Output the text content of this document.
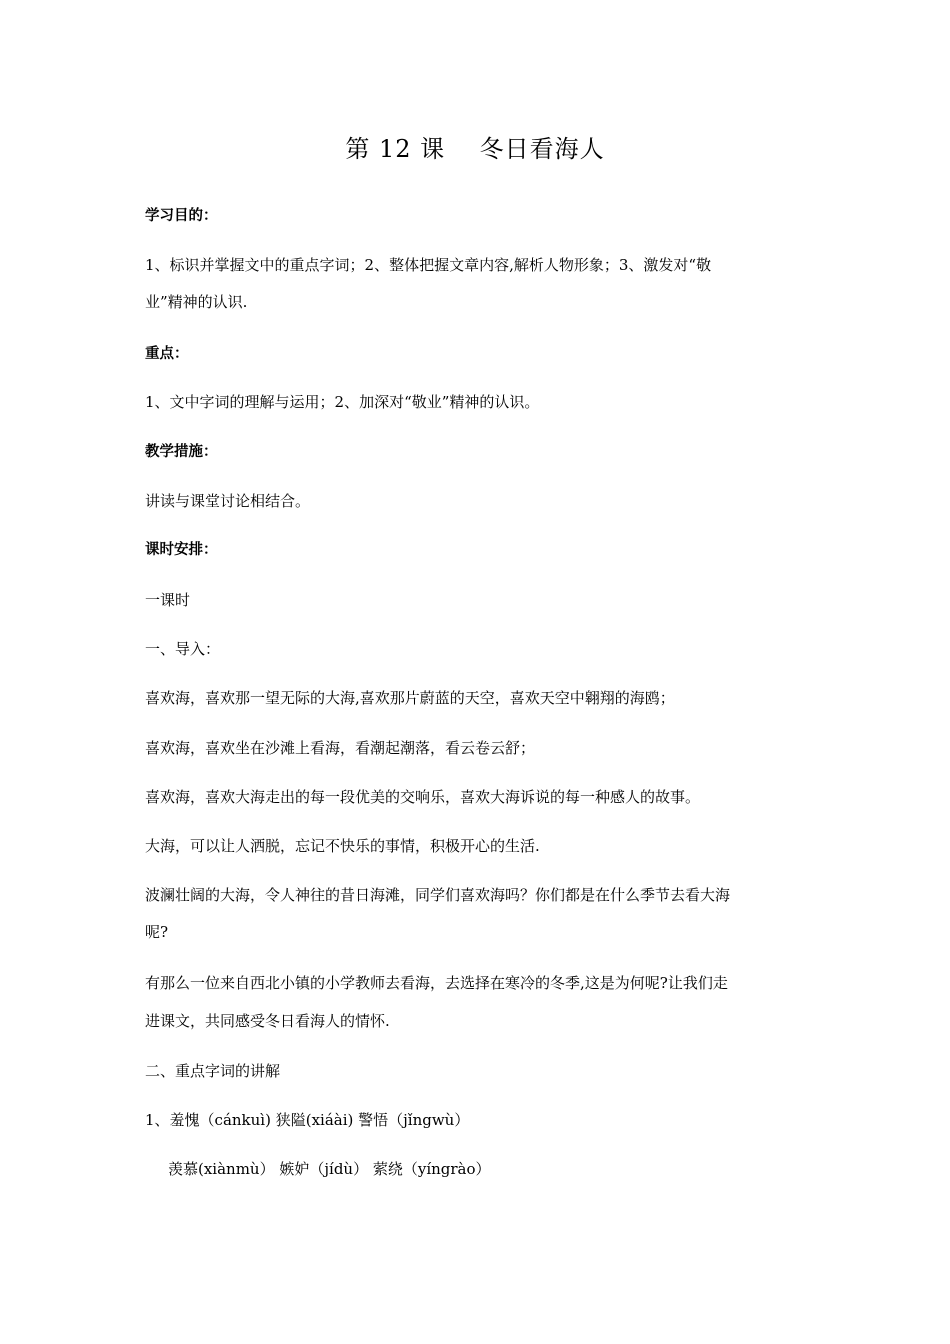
第 12 课    冬日看海人
学习目的：
1、标识并掌握文中的重点字词；2、整体把握文章内容,解析人物形象；3、激发对“敬
业”精神的认识.
重点：
1、文中字词的理解与运用；2、加深对“敬业”精神的认识。
教学措施：
讲读与课堂讨论相结合。
课时安排：
一课时
一、导入：
喜欢海，喜欢那一望无际的大海,喜欢那片蔚蓝的天空，喜欢天空中翱翔的海鸥；
喜欢海，喜欢坐在沙滩上看海，看潮起潮落，看云卷云舒；
喜欢海，喜欢大海走出的每一段优美的交响乐，喜欢大海诉说的每一种感人的故事。
大海，可以让人洒脱，忘记不快乐的事情，积极开心的生活.
波澜壮阔的大海，令人神往的昔日海滩，同学们喜欢海吗？你们都是在什么季节去看大海
呢?
有那么一位来自西北小镇的小学教师去看海，去选择在寒冷的冬季,这是为何呢?让我们走
进课文，共同感受冬日看海人的情怀.
二、重点字词的讲解
1、羞愧（cánkuì) 狭隘(xiáài) 警悟（jǐngwù）
羡慕(xiànmù） 嫉妒（jídù） 萦绕（yíngrào）
